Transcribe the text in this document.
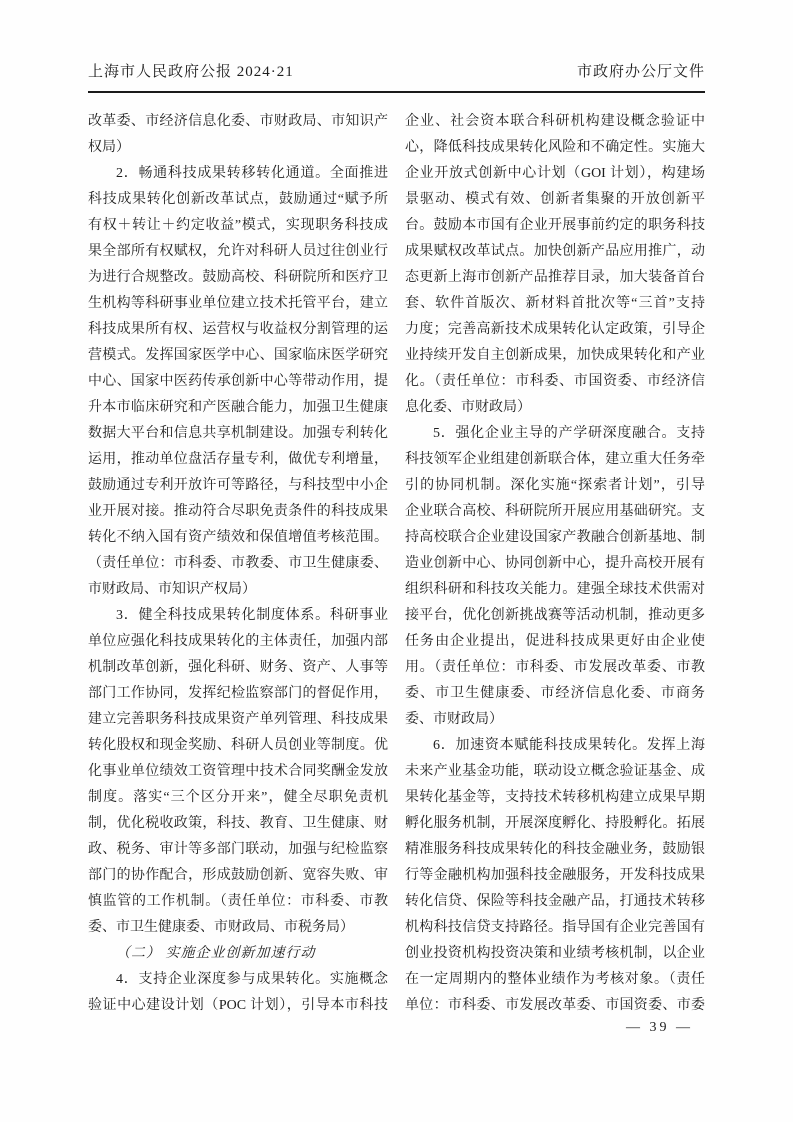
上海市人民政府公报 2024·21	市政府办公厅文件
改革委、市经济信息化委、市财政局、市知识产
权局）
2．畅通科技成果转移转化通道。全面推进
科技成果转化创新改革试点，鼓励通过“赋予所
有权＋转让＋约定收益”模式，实现职务科技成
果全部所有权赋权，允许对科研人员过往创业行
为进行合规整改。鼓励高校、科研院所和医疗卫
生机构等科研事业单位建立技术托管平台，建立
科技成果所有权、运营权与收益权分割管理的运
营模式。发挥国家医学中心、国家临床医学研究
中心、国家中医药传承创新中心等带动作用，提
升本市临床研究和产医融合能力，加强卫生健康
数据大平台和信息共享机制建设。加强专利转化
运用，推动单位盘活存量专利，做优专利增量，
鼓励通过专利开放许可等路径，与科技型中小企
业开展对接。推动符合尽职免责条件的科技成果
转化不纳入国有资产绩效和保值增值考核范围。
（责任单位：市科委、市教委、市卫生健康委、
市财政局、市知识产权局）
3．健全科技成果转化制度体系。科研事业
单位应强化科技成果转化的主体责任，加强内部
机制改革创新，强化科研、财务、资产、人事等
部门工作协同，发挥纪检监察部门的督促作用，
建立完善职务科技成果资产单列管理、科技成果
转化股权和现金奖励、科研人员创业等制度。优
化事业单位绩效工资管理中技术合同奖酬金发放
制度。落实“三个区分开来”，健全尽职免责机
制，优化税收政策，科技、教育、卫生健康、财
政、税务、审计等多部门联动，加强与纪检监察
部门的协作配合，形成鼓励创新、宽容失败、审
慎监管的工作机制。（责任单位：市科委、市教
委、市卫生健康委、市财政局、市税务局）
（二） 实施企业创新加速行动
4．支持企业深度参与成果转化。实施概念
验证中心建设计划（POC 计划），引导本市科技
企业、社会资本联合科研机构建设概念验证中
心，降低科技成果转化风险和不确定性。实施大
企业开放式创新中心计划（GOI 计划），构建场
景驱动、模式有效、创新者集聚的开放创新平
台。鼓励本市国有企业开展事前约定的职务科技
成果赋权改革试点。加快创新产品应用推广，动
态更新上海市创新产品推荐目录，加大装备首台
套、软件首版次、新材料首批次等“三首”支持
力度；完善高新技术成果转化认定政策，引导企
业持续开发自主创新成果，加快成果转化和产业
化。（责任单位：市科委、市国资委、市经济信
息化委、市财政局）
5．强化企业主导的产学研深度融合。支持
科技领军企业组建创新联合体，建立重大任务牵
引的协同机制。深化实施“探索者计划”，引导
企业联合高校、科研院所开展应用基础研究。支
持高校联合企业建设国家产教融合创新基地、制
造业创新中心、协同创新中心，提升高校开展有
组织科研和科技攻关能力。建强全球技术供需对
接平台，优化创新挑战赛等活动机制，推动更多
任务由企业提出，促进科技成果更好由企业使
用。（责任单位：市科委、市发展改革委、市教
委、市卫生健康委、市经济信息化委、市商务
委、市财政局）
6．加速资本赋能科技成果转化。发挥上海
未来产业基金功能，联动设立概念验证基金、成
果转化基金等，支持技术转移机构建立成果早期
孵化服务机制，开展深度孵化、持股孵化。拓展
精准服务科技成果转化的科技金融业务，鼓励银
行等金融机构加强科技金融服务，开发科技成果
转化信贷、保险等科技金融产品，打通技术转移
机构科技信贷支持路径。指导国有企业完善国有
创业投资机构投资决策和业绩考核机制，以企业
在一定周期内的整体业绩作为考核对象。（责任
单位：市科委、市发展改革委、市国资委、市委
— 39 —
